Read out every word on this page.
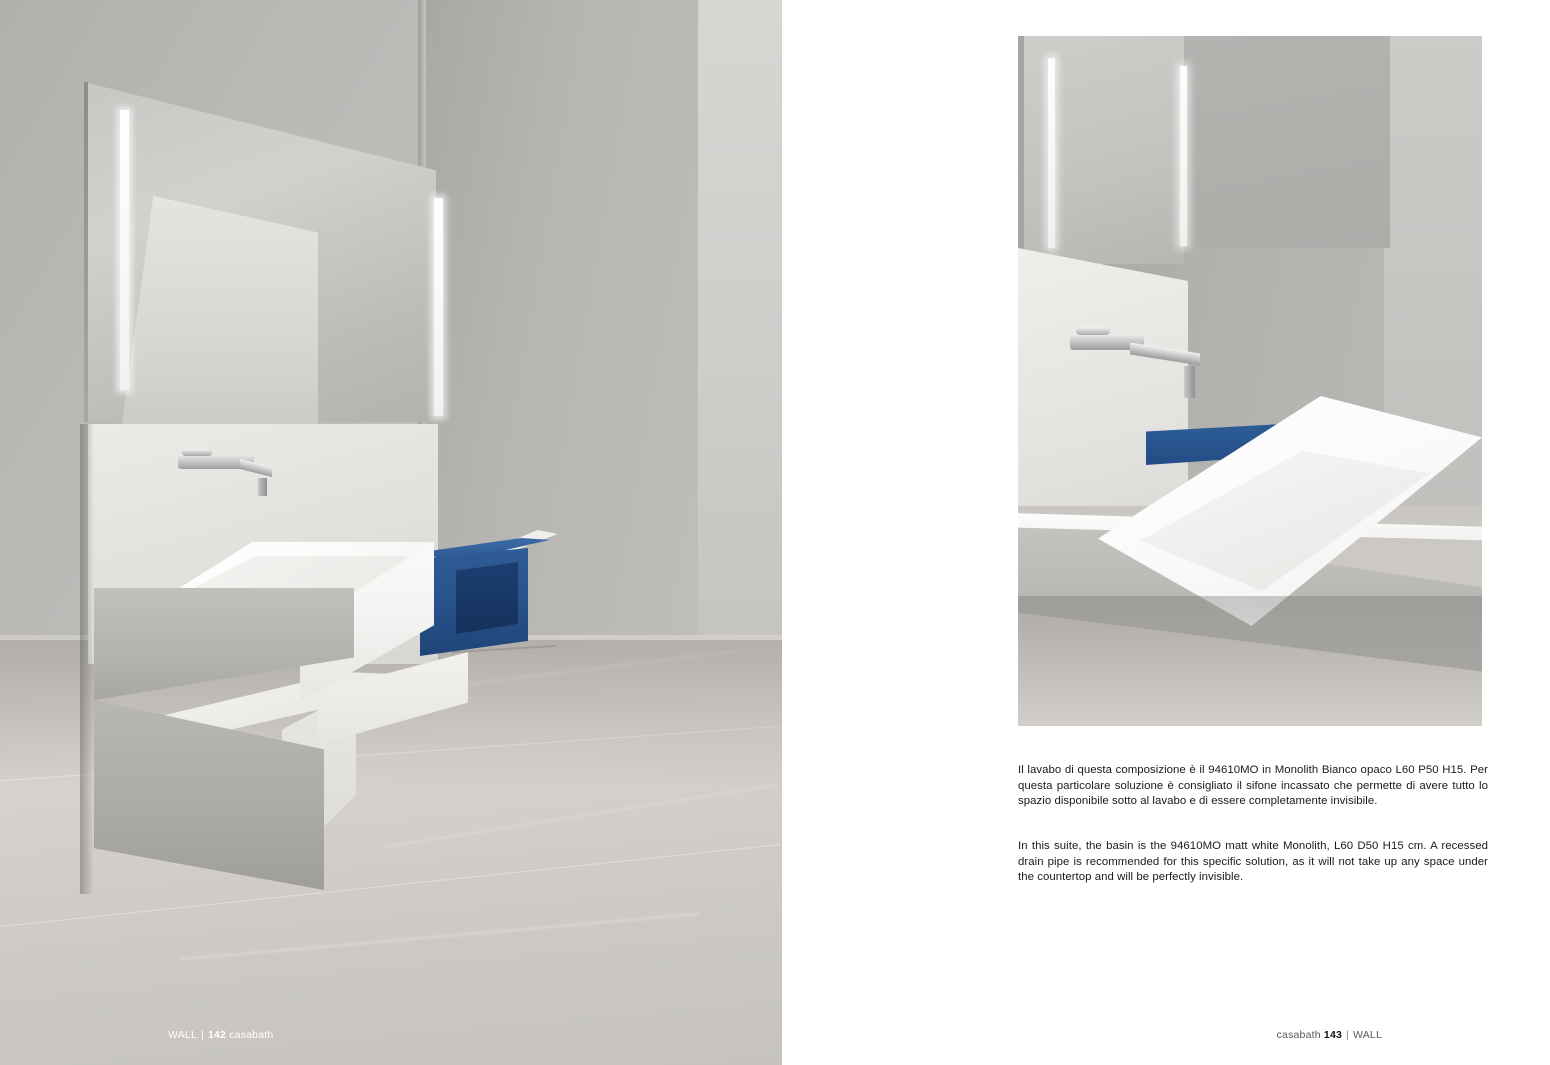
WALL | 142 casabath

Il lavabo di questa composizione è il 94610MO in Monolith Bianco opaco L60 P50 H15. Per questa particolare soluzione è consigliato il sifone incassato che permette di avere tutto lo spazio disponibile sotto al lavabo e di essere completamente invisibile.

In this suite, the basin is the 94610MO matt white Monolith, L60 D50 H15 cm. A recessed drain pipe is recommended for this specific solution, as it will not take up any space under the countertop and will be perfectly invisible.

casabath 143 | WALL
